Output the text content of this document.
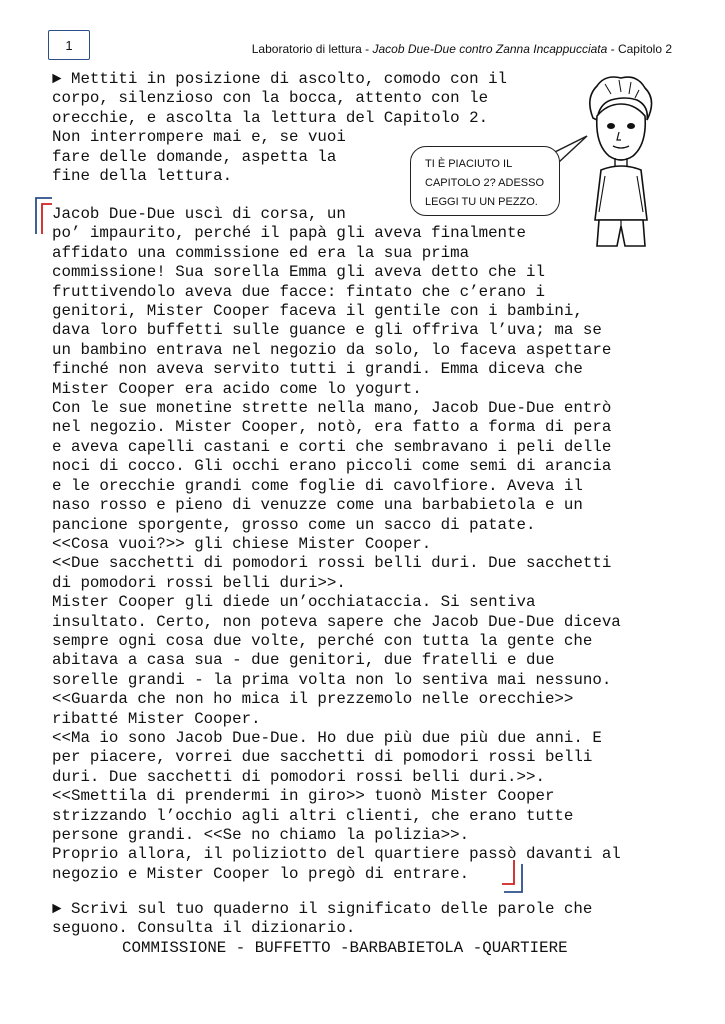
1	Laboratorio di lettura - Jacob Due-Due contro Zanna Incappucciata - Capitolo 2
► Mettiti in posizione di ascolto, comodo con il
corpo, silenzioso con la bocca, attento con le
orecchie, e ascolta la lettura del Capitolo 2.
Non interrompere mai e, se vuoi
fare delle domande, aspetta la
fine della lettura.
TI È PIACIUTO IL
CAPITOLO 2? ADESSO
LEGGI TU UN PEZZO.
Jacob Due-Due uscì di corsa, un
po’ impaurito, perché il papà gli aveva finalmente
affidato una commissione ed era la sua prima
commissione! Sua sorella Emma gli aveva detto che il
fruttivendolo aveva due facce: fintato che c’erano i
genitori, Mister Cooper faceva il gentile con i bambini,
dava loro buffetti sulle guance e gli offriva l’uva; ma se
un bambino entrava nel negozio da solo, lo faceva aspettare
finché non aveva servito tutti i grandi. Emma diceva che
Mister Cooper era acido come lo yogurt.
Con le sue monetine strette nella mano, Jacob Due-Due entrò
nel negozio. Mister Cooper, notò, era fatto a forma di pera
e aveva capelli castani e corti che sembravano i peli delle
noci di cocco. Gli occhi erano piccoli come semi di arancia
e le orecchie grandi come foglie di cavolfiore. Aveva il
naso rosso e pieno di venuzze come una barbabietola e un
pancione sporgente, grosso come un sacco di patate.
<<Cosa vuoi?>> gli chiese Mister Cooper.
<<Due sacchetti di pomodori rossi belli duri. Due sacchetti
di pomodori rossi belli duri>>.
Mister Cooper gli diede un’occhiataccia. Si sentiva
insultato. Certo, non poteva sapere che Jacob Due-Due diceva
sempre ogni cosa due volte, perché con tutta la gente che
abitava a casa sua - due genitori, due fratelli e due
sorelle grandi - la prima volta non lo sentiva mai nessuno.
<<Guarda che non ho mica il prezzemolo nelle orecchie>>
ribatté Mister Cooper.
<<Ma io sono Jacob Due-Due. Ho due più due più due anni. E
per piacere, vorrei due sacchetti di pomodori rossi belli
duri. Due sacchetti di pomodori rossi belli duri.>>.
<<Smettila di prendermi in giro>> tuonò Mister Cooper
strizzando l’occhio agli altri clienti, che erano tutte
persone grandi. <<Se no chiamo la polizia>>.
Proprio allora, il poliziotto del quartiere passò davanti al
negozio e Mister Cooper lo pregò di entrare.
► Scrivi sul tuo quaderno il significato delle parole che
seguono. Consulta il dizionario.
COMMISSIONE - BUFFETTO -BARBABIETOLA -QUARTIERE
